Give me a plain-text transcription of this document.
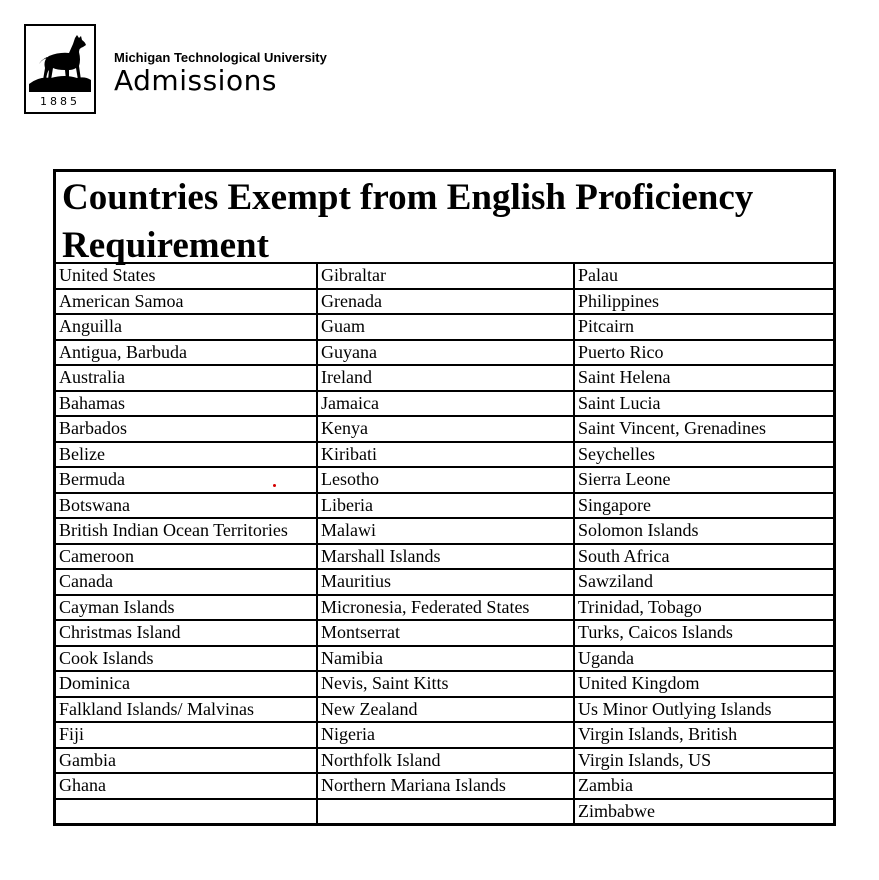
1885
Michigan Technological University
Admissions
Countries Exempt from English Proficiency Requirement
United States	Gibraltar	Palau
American Samoa	Grenada	Philippines
Anguilla	Guam	Pitcairn
Antigua, Barbuda	Guyana	Puerto Rico
Australia	Ireland	Saint Helena
Bahamas	Jamaica	Saint Lucia
Barbados	Kenya	Saint Vincent, Grenadines
Belize	Kiribati	Seychelles
Bermuda	Lesotho	Sierra Leone
Botswana	Liberia	Singapore
British Indian Ocean Territories	Malawi	Solomon Islands
Cameroon	Marshall Islands	South Africa
Canada	Mauritius	Sawziland
Cayman Islands	Micronesia, Federated States	Trinidad, Tobago
Christmas Island	Montserrat	Turks, Caicos Islands
Cook Islands	Namibia	Uganda
Dominica	Nevis, Saint Kitts	United Kingdom
Falkland Islands/ Malvinas	New Zealand	Us Minor Outlying Islands
Fiji	Nigeria	Virgin Islands, British
Gambia	Northfolk Island	Virgin Islands, US
Ghana	Northern Mariana Islands	Zambia
		Zimbabwe
